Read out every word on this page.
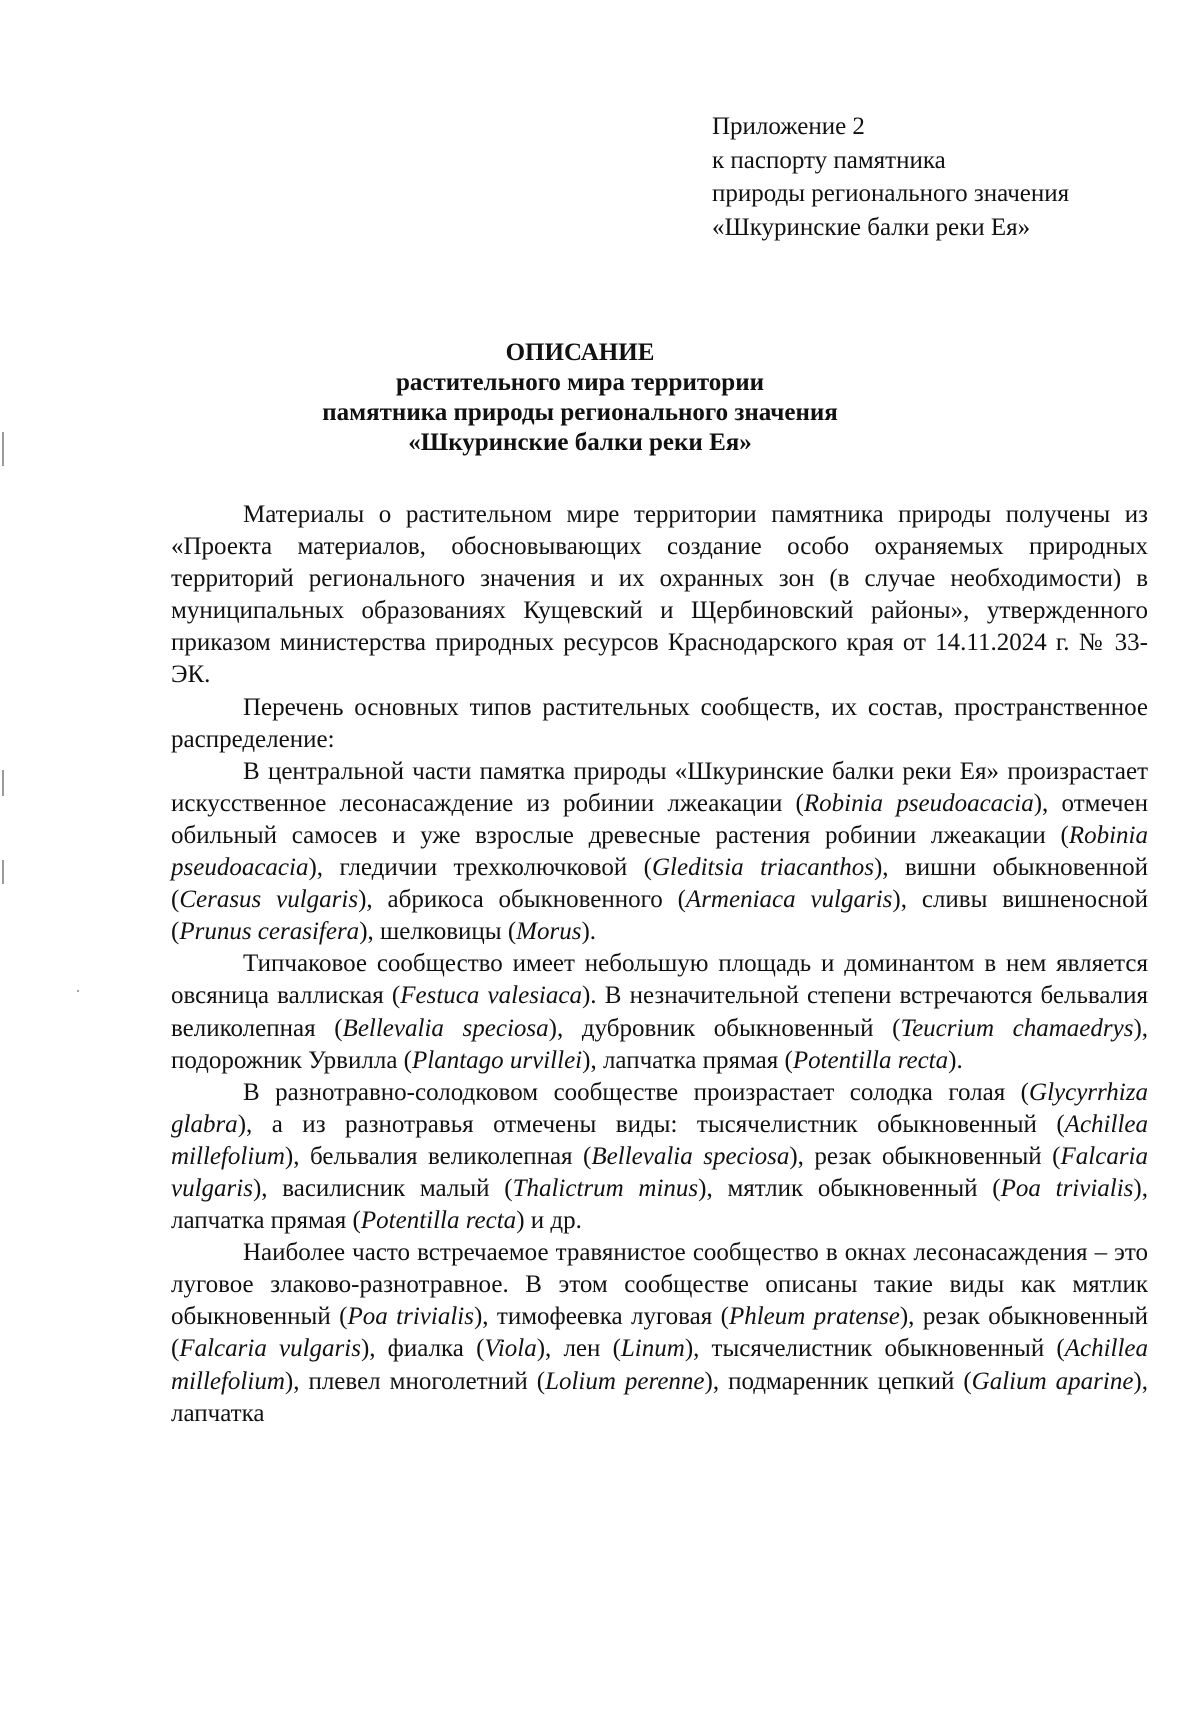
Приложение 2
к паспорту памятника
природы регионального значения
«Шкуринские балки реки Ея»
ОПИСАНИЕ
растительного мира территории
памятника природы регионального значения
«Шкуринские балки реки Ея»

Материалы о растительном мире территории памятника природы получены из «Проекта материалов, обосновывающих создание особо охраняемых природных территорий регионального значения и их охранных зон (в случае необходимости) в муниципальных образованиях Кущевский и Щербиновский районы», утвержденного приказом министерства природных ресурсов Краснодарского края от 14.11.2024 г. № 33-ЭК.

Перечень основных типов растительных сообществ, их состав, пространственное распределение:

В центральной части памятка природы «Шкуринские балки реки Ея» произрастает искусственное лесонасаждение из робинии лжеакации (Robinia pseudoacacia), отмечен обильный самосев и уже взрослые древесные растения робинии лжеакации (Robinia pseudoacacia), гледичии трехколючковой (Gleditsia triacanthos), вишни обыкновенной (Cerasus vulgaris), абрикоса обыкновенного (Armeniaca vulgaris), сливы вишненосной (Prunus cerasifera), шелковицы (Morus).

Типчаковое сообщество имеет небольшую площадь и доминантом в нем является овсяница валлиская (Festuca valesiaca). В незначительной степени встречаются бельвалия великолепная (Bellevalia speciosa), дубровник обыкновенный (Teucrium chamaedrys), подорожник Урвилла (Plantago urvillei), лапчатка прямая (Potentilla recta).

В разнотравно-солодковом сообществе произрастает солодка голая (Glycyrrhiza glabra), а из разнотравья отмечены виды: тысячелистник обыкновенный (Achillea millefolium), бельвалия великолепная (Bellevalia speciosa), резак обыкновенный (Falcaria vulgaris), василисник малый (Thalictrum minus), мятлик обыкновенный (Poa trivialis), лапчатка прямая (Potentilla recta) и др.

Наиболее часто встречаемое травянистое сообщество в окнах лесонасаждения – это луговое злаково-разнотравное. В этом сообществе описаны такие виды как мятлик обыкновенный (Poa trivialis), тимофеевка луговая (Phleum pratense), резак обыкновенный (Falcaria vulgaris), фиалка (Viola), лен (Linum), тысячелистник обыкновенный (Achillea millefolium), плевел многолетний (Lolium perenne), подмаренник цепкий (Galium aparine), лапчатка
